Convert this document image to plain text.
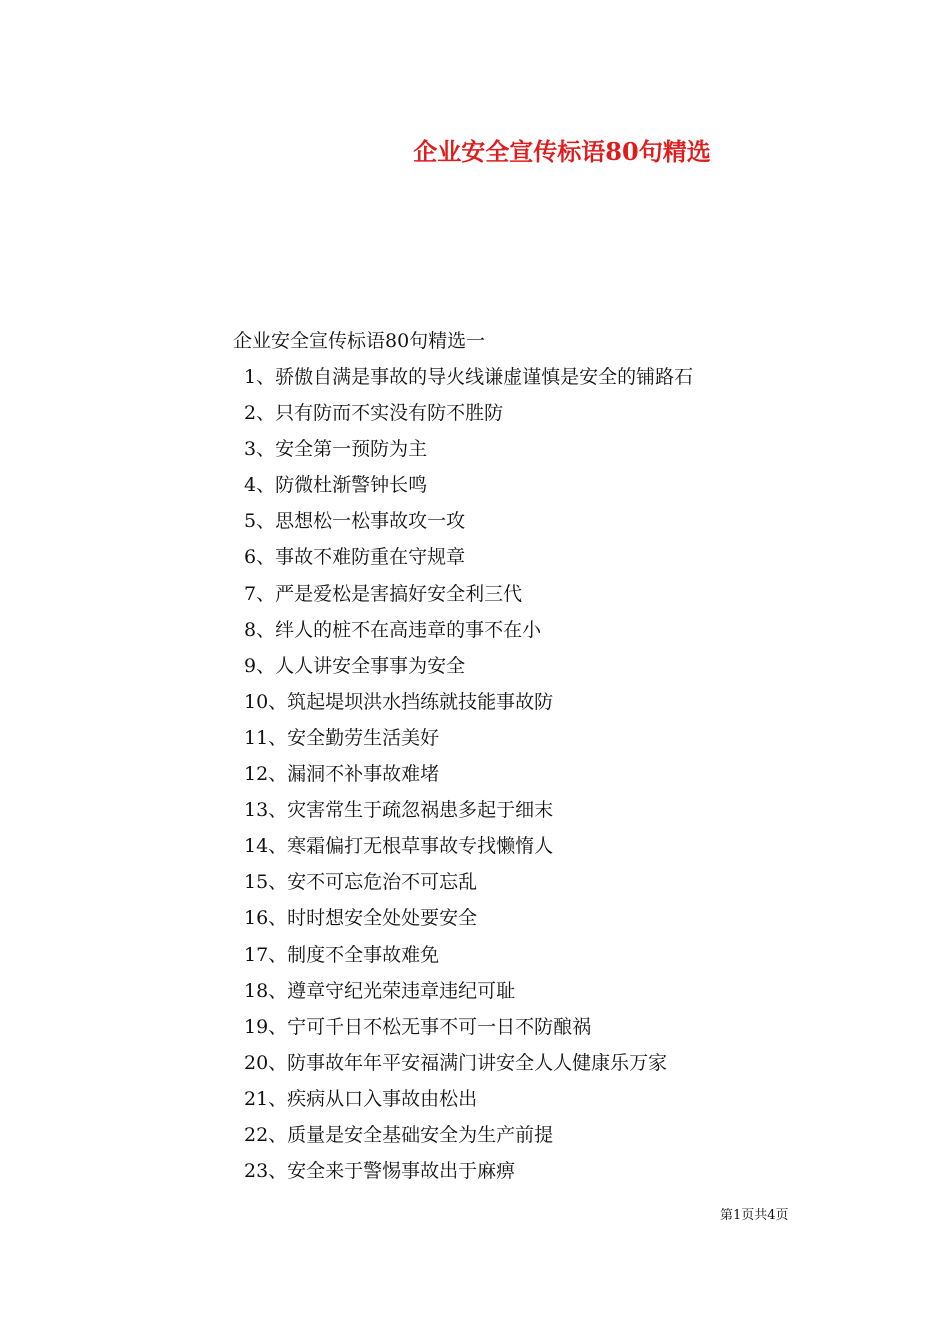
企业安全宣传标语80句精选
企业安全宣传标语80句精选一
1、骄傲自满是事故的导火线谦虚谨慎是安全的铺路石
2、只有防而不实没有防不胜防
3、安全第一预防为主
4、防微杜渐警钟长鸣
5、思想松一松事故攻一攻
6、事故不难防重在守规章
7、严是爱松是害搞好安全利三代
8、绊人的桩不在高违章的事不在小
9、人人讲安全事事为安全
10、筑起堤坝洪水挡练就技能事故防
11、安全勤劳生活美好
12、漏洞不补事故难堵
13、灾害常生于疏忽祸患多起于细末
14、寒霜偏打无根草事故专找懒惰人
15、安不可忘危治不可忘乱
16、时时想安全处处要安全
17、制度不全事故难免
18、遵章守纪光荣违章违纪可耻
19、宁可千日不松无事不可一日不防酿祸
20、防事故年年平安福满门讲安全人人健康乐万家
21、疾病从口入事故由松出
22、质量是安全基础安全为生产前提
23、安全来于警惕事故出于麻痹
第1页共4页
